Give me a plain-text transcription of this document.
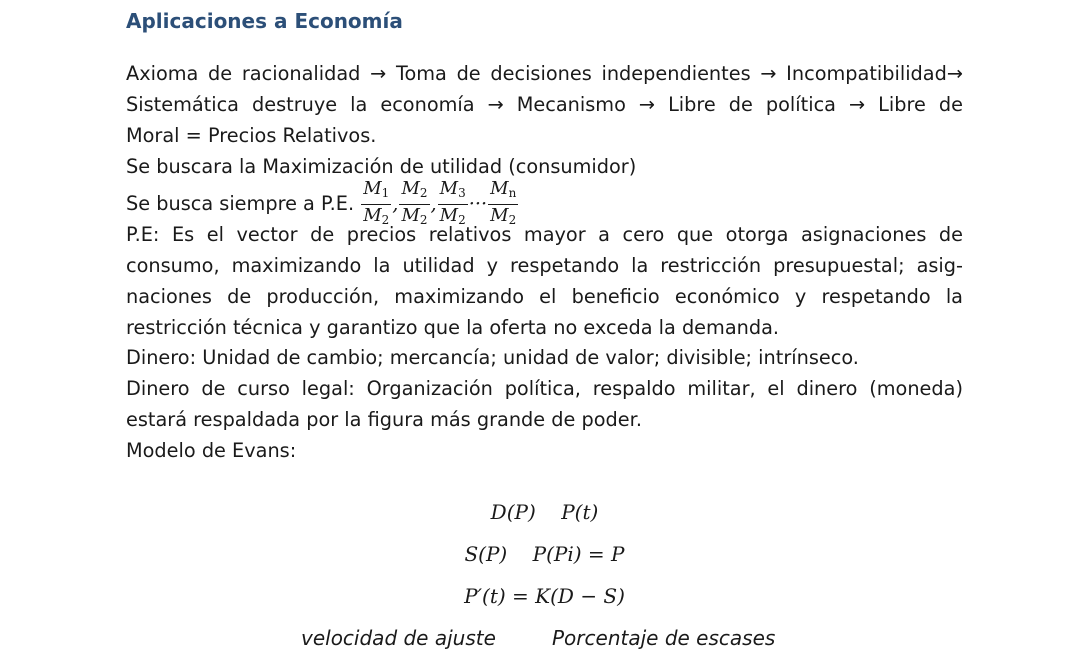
Aplicaciones a Economía
Axioma de racionalidad → Toma de decisiones independientes → Incompatibilidad→
Sistemática destruye la economía → Mecanismo → Libre de política → Libre de
Moral = Precios Relativos.
Se buscara la Maximización de utilidad (consumidor)
Se busca siempre a P.E. $\frac{M_1}{M_2}$ , $\frac{M_2}{M_2}$ , $\frac{M_3}{M_2}$ ··· $\frac{M_n}{M_2}$
P.E: Es el vector de precios relativos mayor a cero que otorga asignaciones de
consumo, maximizando la utilidad y respetando la restricción presupuestal; asig-
naciones de producción, maximizando el beneficio económico y respetando la
restricción técnica y garantizo que la oferta no exceda la demanda.
Dinero: Unidad de cambio; mercancía; unidad de valor; divisible; intrínseco.
Dinero de curso legal: Organización política, respaldo militar, el dinero (moneda)
estará respaldada por la figura más grande de poder.
Modelo de Evans:
D(P)    P(t)
S(P)    P(Pi) = P
P′(t) = K(D − S)
velocidad de ajuste	Porcentaje de escases
